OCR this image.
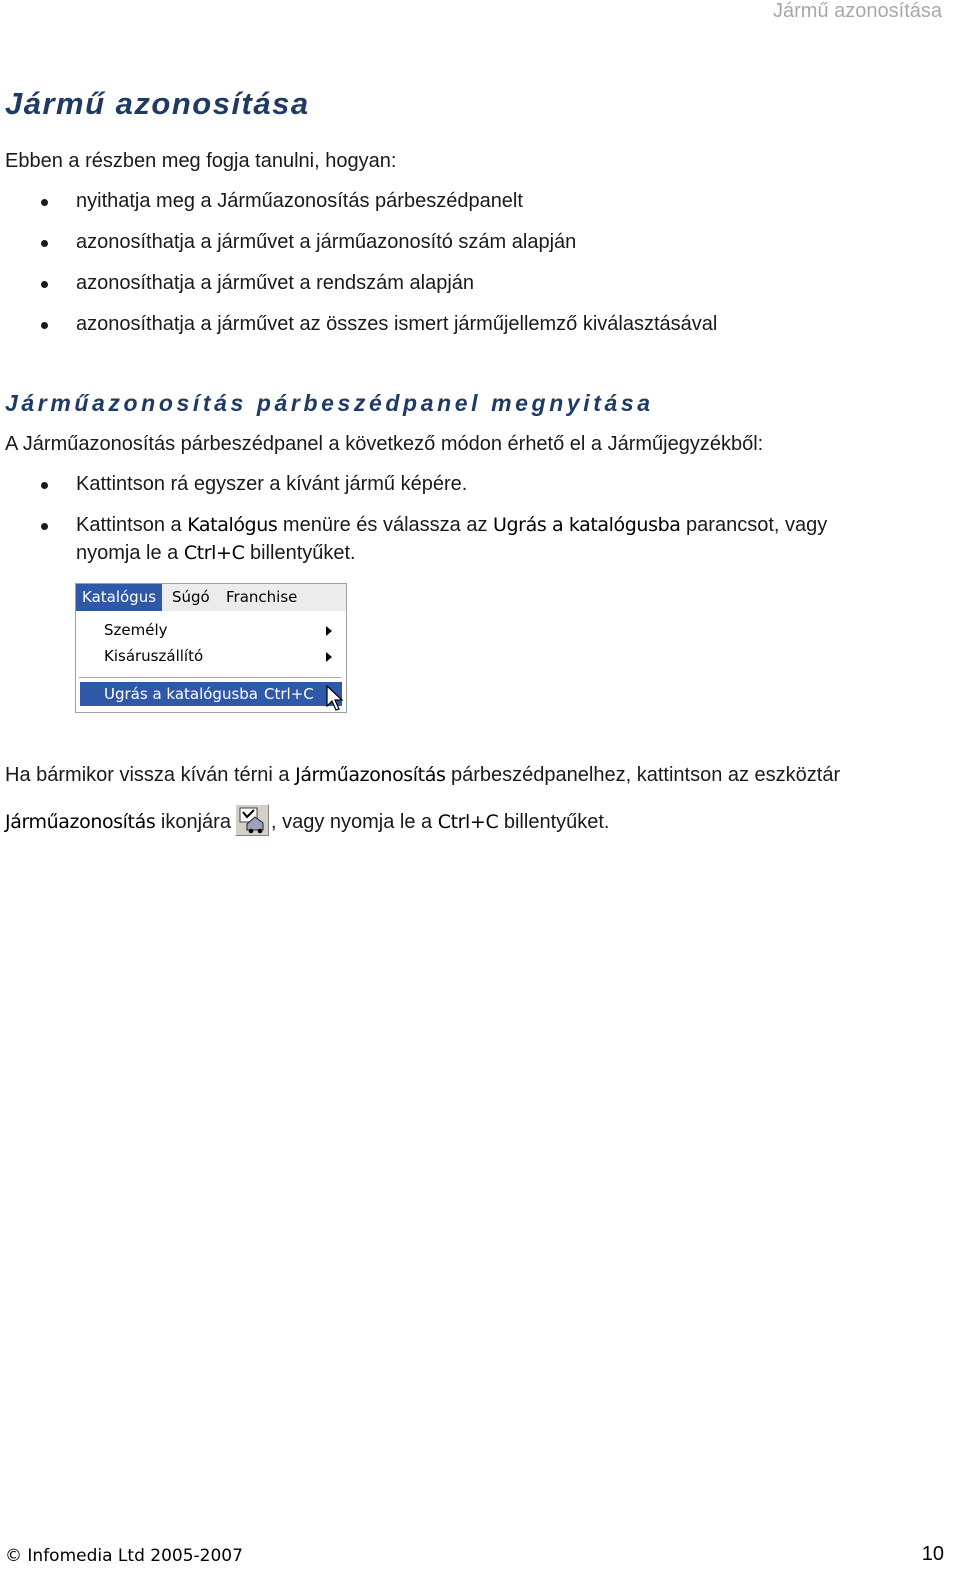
Jármű azonosítása
Jármű azonosítása
Ebben a részben meg fogja tanulni, hogyan:
nyithatja meg a Járműazonosítás párbeszédpanelt
azonosíthatja a járművet a járműazonosító szám alapján
azonosíthatja a járművet a rendszám alapján
azonosíthatja a járművet az összes ismert járműjellemző kiválasztásával
Járműazonosítás párbeszédpanel megnyitása
A Járműazonosítás párbeszédpanel a következő módon érhető el a Járműjegyzékből:
Kattintson rá egyszer a kívánt jármű képére.
Kattintson a Katalógus menüre és válassza az Ugrás a katalógusba parancsot, vagy
nyomja le a Ctrl+C billentyűket.
Katalógus	Súgó	Franchise
Személy
Kisáruszállító
Ugrás a katalógusba Ctrl+C
Ha bármikor vissza kíván térni a Járműazonosítás párbeszédpanelhez, kattintson az eszköztár
Járműazonosítás ikonjára , vagy nyomja le a Ctrl+C billentyűket.
© Infomedia Ltd 2005-2007	10
